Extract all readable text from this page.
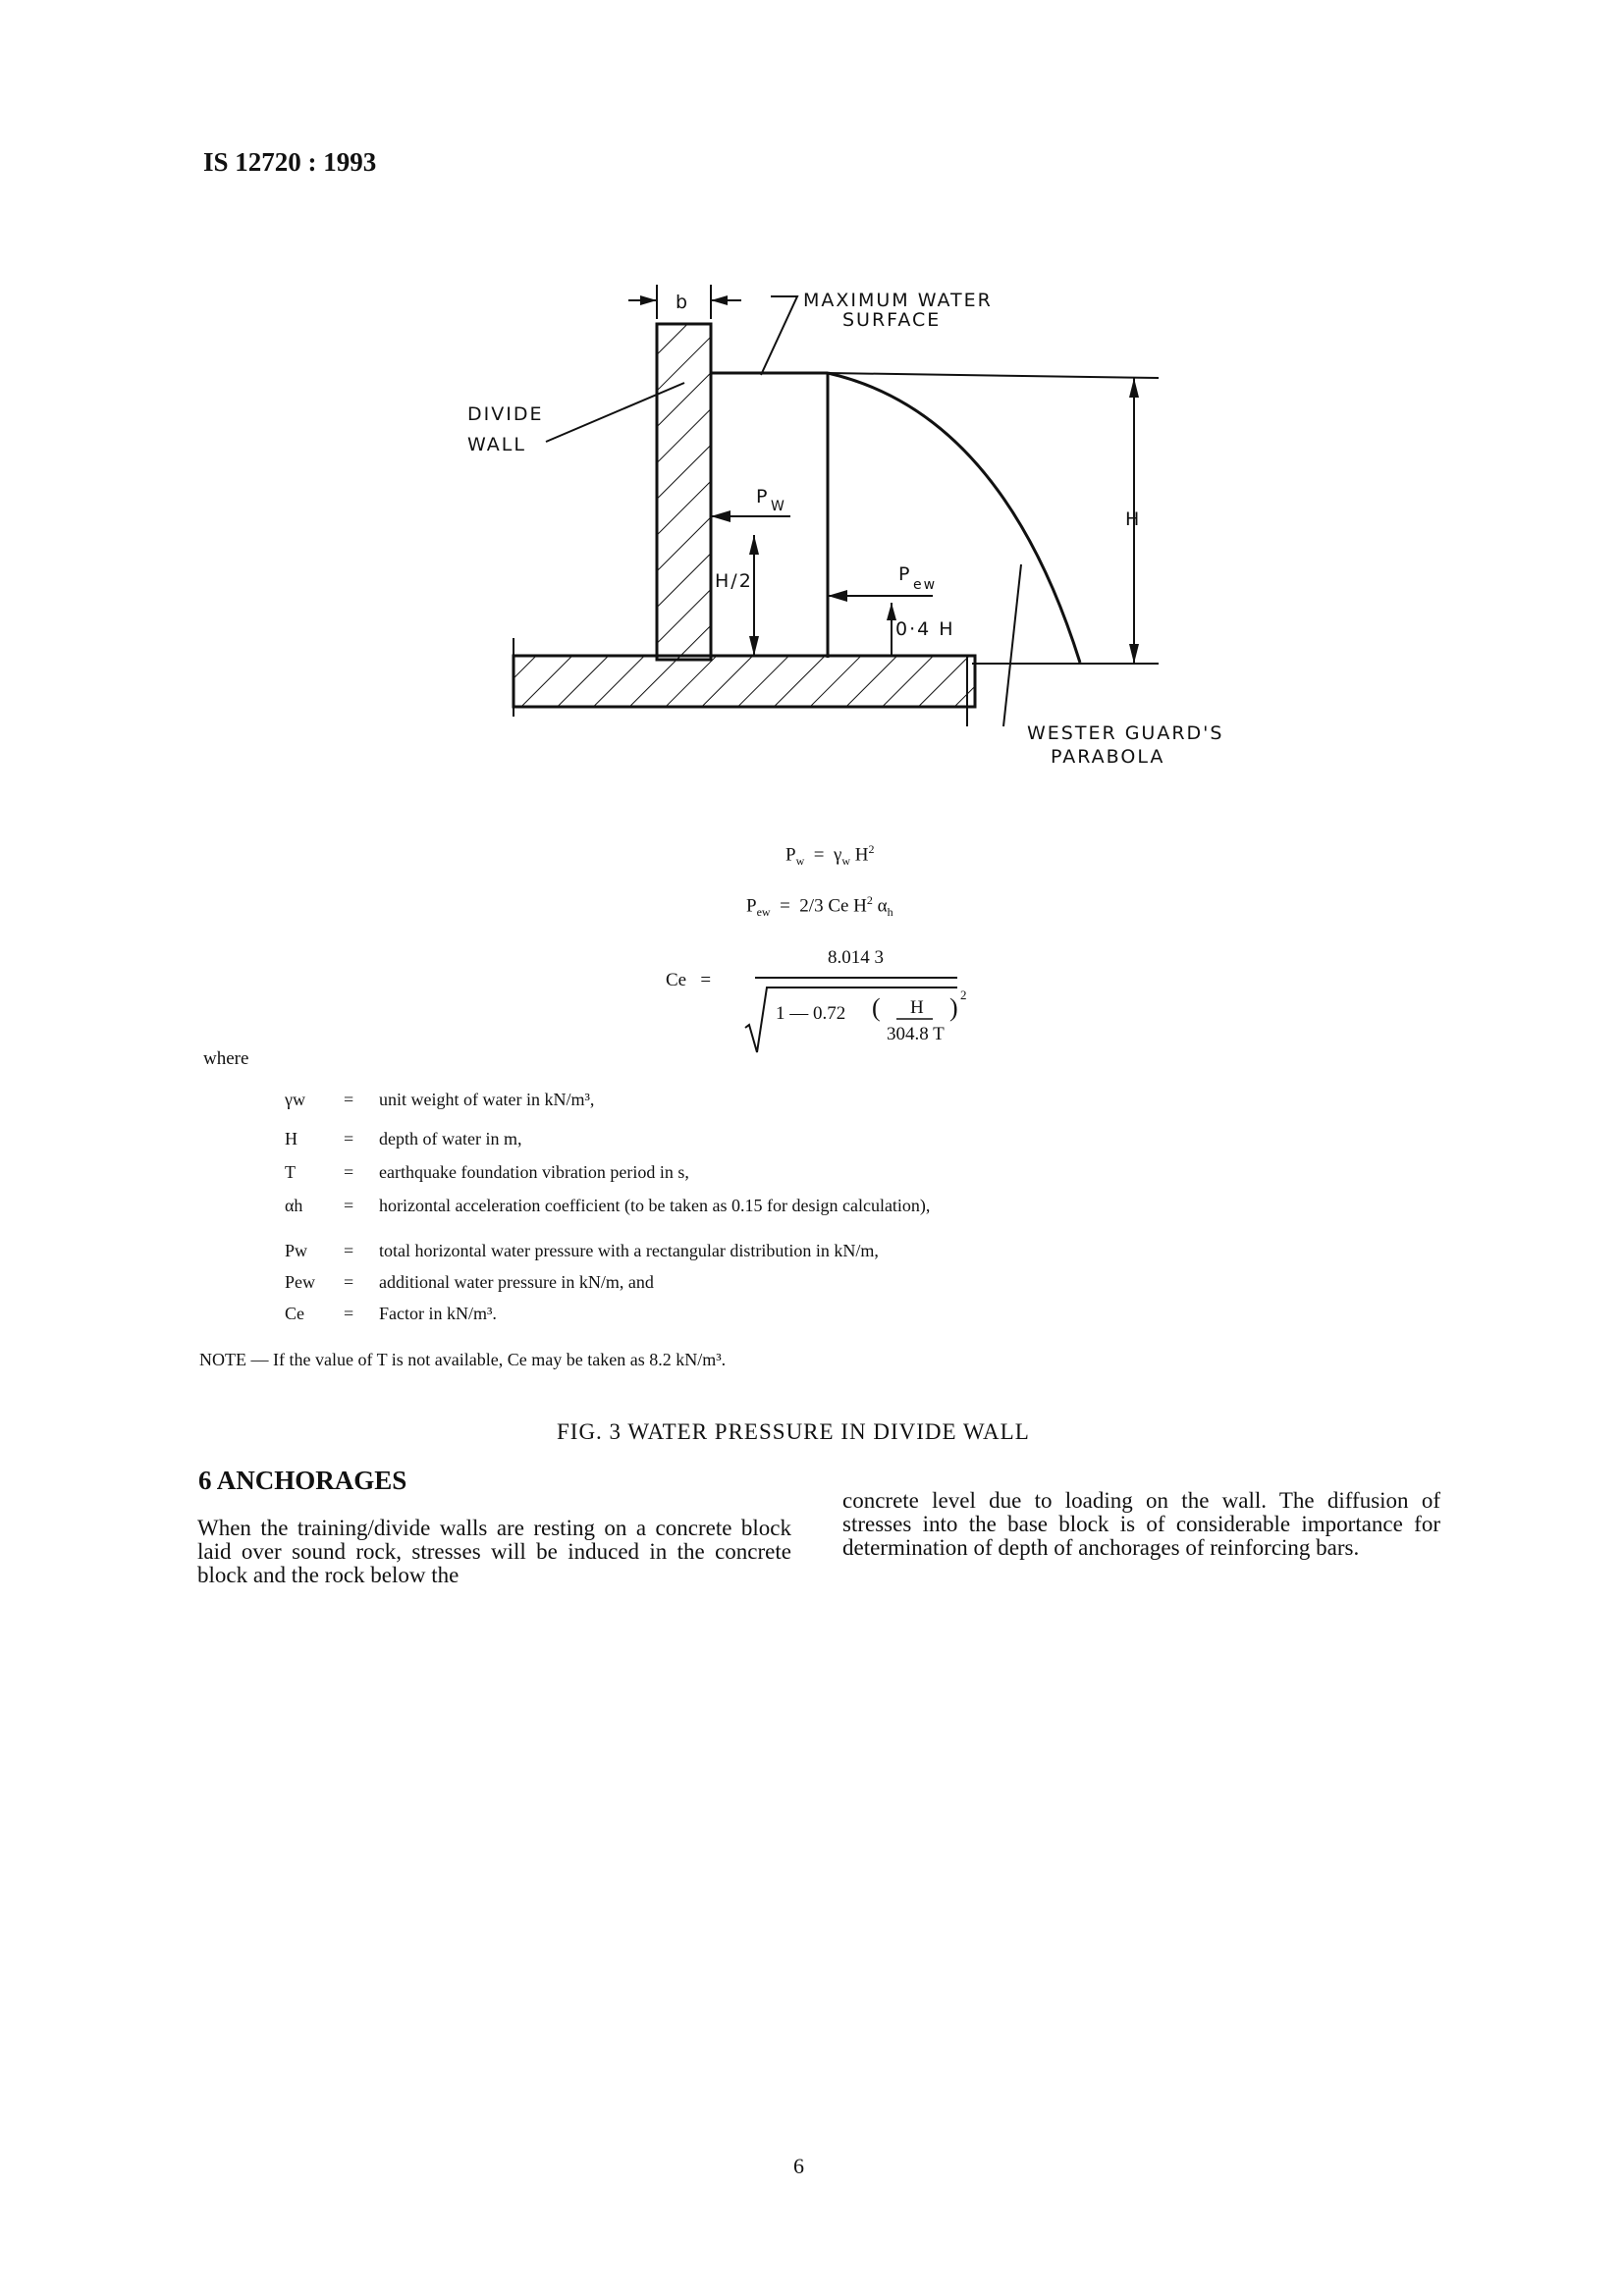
IS 12720 : 1993
b	MAXIMUM WATER
SURFACE
DIVIDE
WALL
P W
H/2	P ew
0·4 H
H
WESTER GUARD'S
PARABOLA
$P_w = \gamma_w$ $H^2$
$P_{ew} = 2/3$ Ce $H^2$ $\alpha_h$
Ce =
8.014 3
1 — 0.72 ( H
304.8 T
) 2
where
γw	=	unit weight of water in kN/m³,
H	=	depth of water in m,
T	=	earthquake foundation vibration period in s,
αh	=	horizontal acceleration coefficient (to be taken as 0.15 for design calculation),
Pw	=	total horizontal water pressure with a rectangular distribution in kN/m,
Pew	=	additional water pressure in kN/m, and
Ce	=	Factor in kN/m³.
NOTE — If the value of T is not available, Ce may be taken as 8.2 kN/m³.
FIG. 3 WATER PRESSURE IN DIVIDE WALL
6 ANCHORAGES
When the training/divide walls are resting on a concrete block laid over sound rock, stresses will be induced in the concrete block and the rock below the
concrete level due to loading on the wall. The diffusion of stresses into the base block is of considerable importance for determination of depth of anchorages of reinforcing bars.
6
